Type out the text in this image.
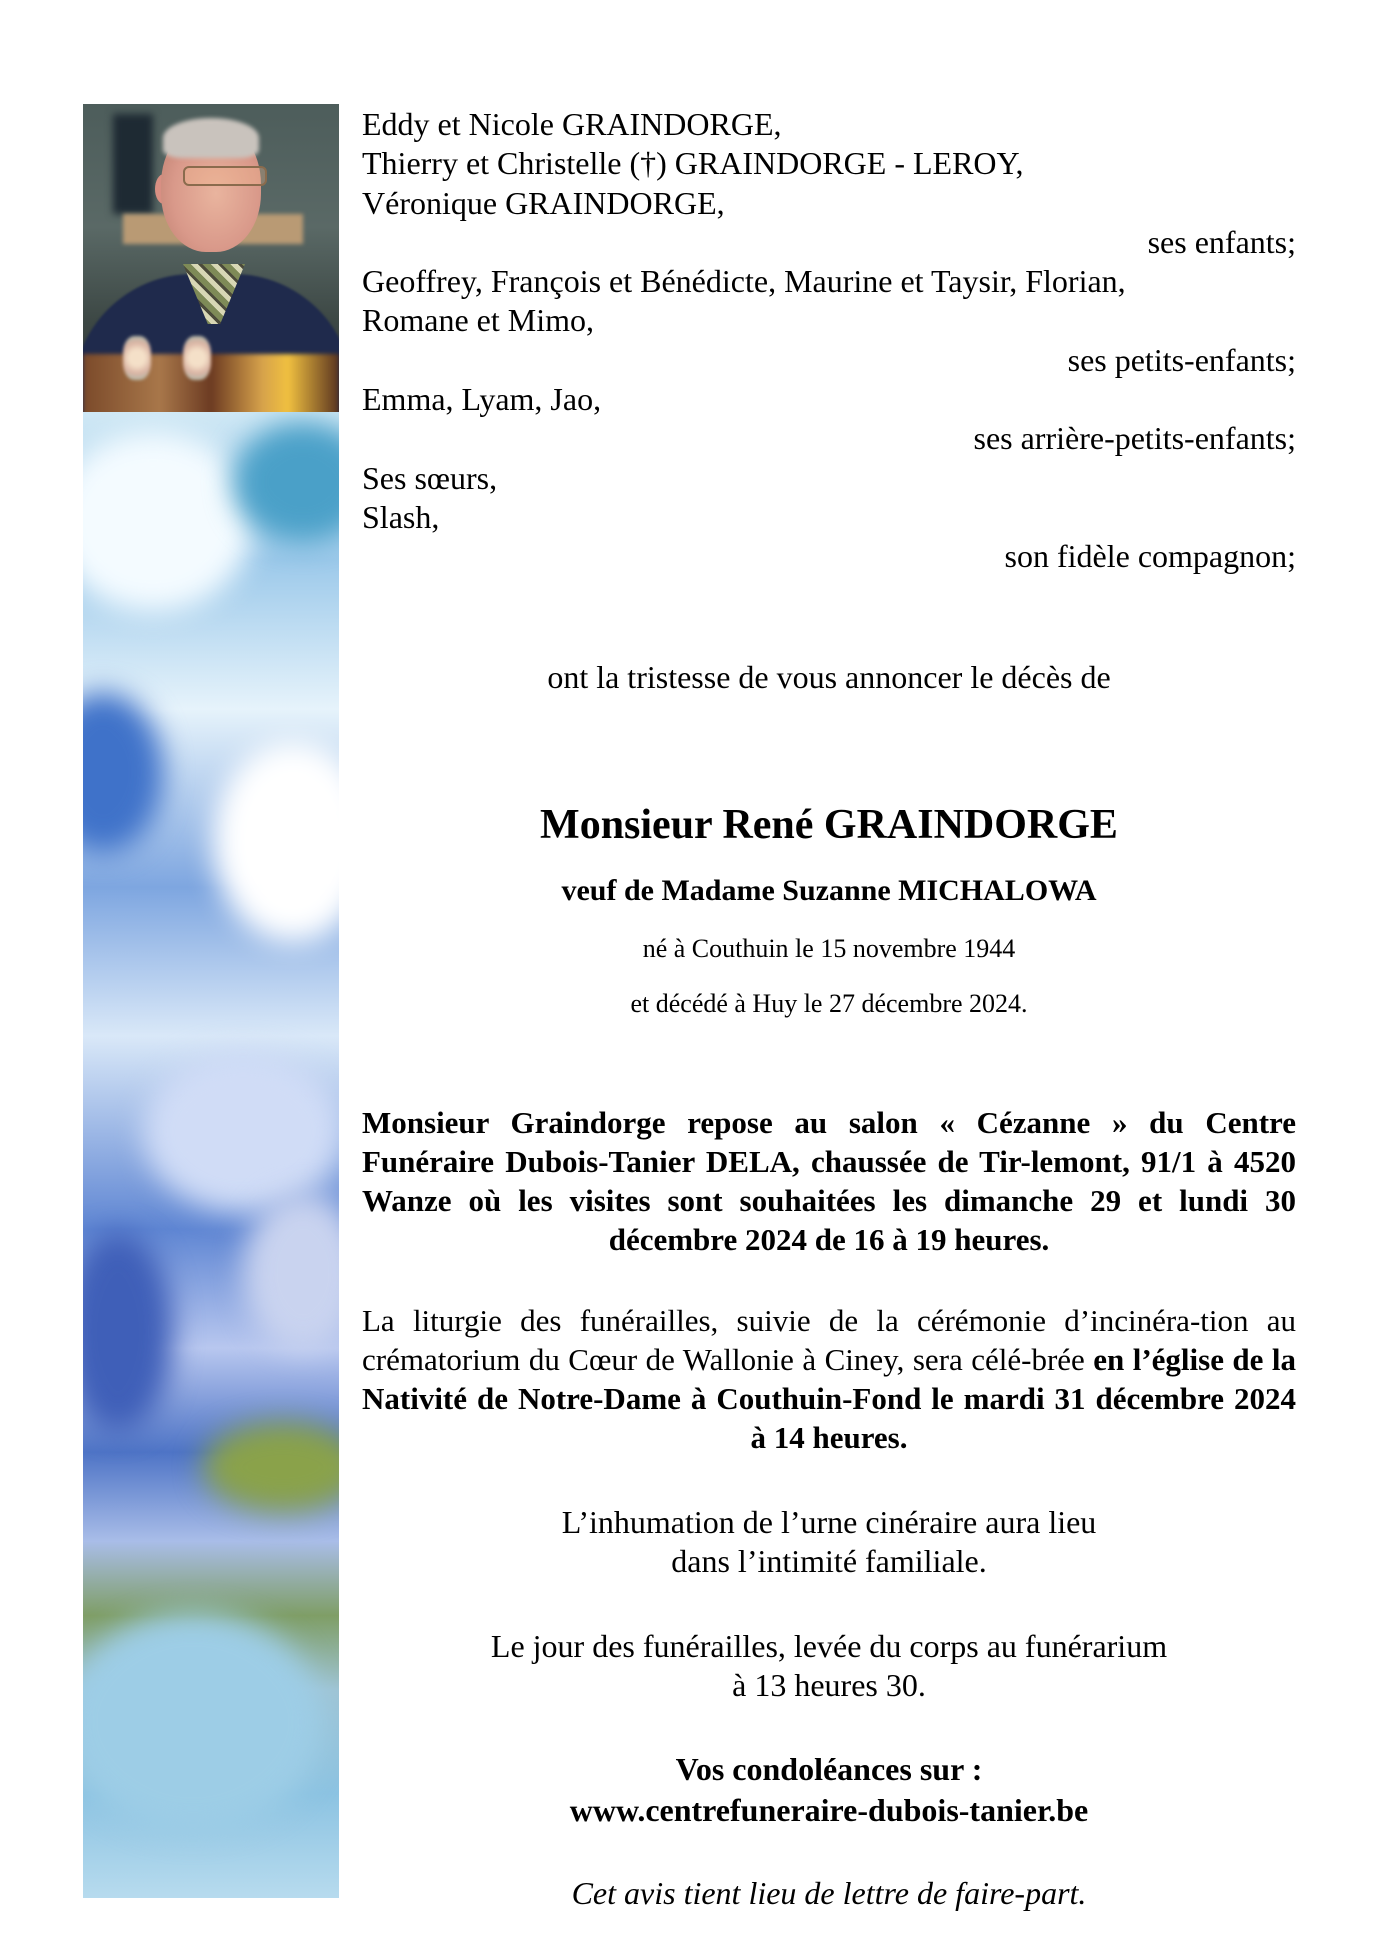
Eddy et Nicole GRAINDORGE,
Thierry et Christelle (†) GRAINDORGE - LEROY,
Véronique GRAINDORGE,
ses enfants;
Geoffrey, François et Bénédicte, Maurine et Taysir, Florian,
Romane et Mimo,
ses petits-enfants;
Emma, Lyam, Jao,
ses arrière-petits-enfants;
Ses sœurs,
Slash,
son fidèle compagnon;
ont la tristesse de vous annoncer le décès de
Monsieur René GRAINDORGE
veuf de Madame Suzanne MICHALOWA
né à Couthuin le 15 novembre 1944
et décédé à Huy le 27 décembre 2024.
Monsieur Graindorge repose au salon « Cézanne » du Centre Funéraire Dubois-Tanier DELA, chaussée de Tir-lemont, 91/1 à 4520 Wanze où les visites sont souhaitées les dimanche 29 et lundi 30 décembre 2024 de 16 à 19 heures.
La liturgie des funérailles, suivie de la cérémonie d’incinéra-tion au crématorium du Cœur de Wallonie à Ciney, sera célé-brée en l’église de la Nativité de Notre-Dame à Couthuin-Fond le mardi 31 décembre 2024 à 14 heures.
L’inhumation de l’urne cinéraire aura lieu
dans l’intimité familiale.
Le jour des funérailles, levée du corps au funérarium
à 13 heures 30.
Vos condoléances sur :
www.centrefuneraire-dubois-tanier.be
Cet avis tient lieu de lettre de faire-part.
